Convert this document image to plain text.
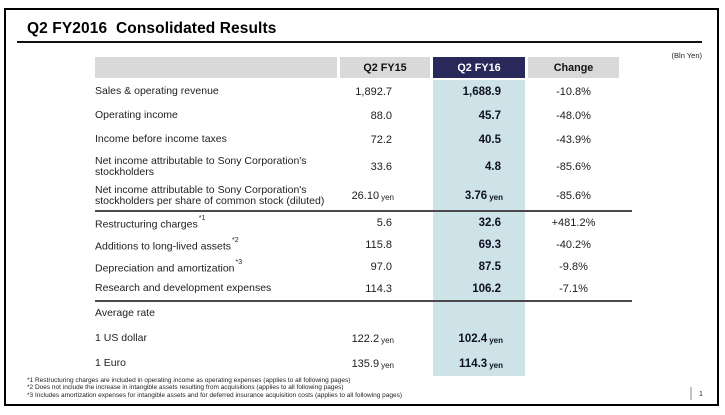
Q2 FY2016  Consolidated Results
(Bln Yen)
Q2 FY15	Q2 FY16	Change
Sales & operating revenue	1,892.7	1,688.9	-10.8%
Operating income	88.0	45.7	-48.0%
Income before income taxes	72.2	40.5	-43.9%
Net income attributable to Sony Corporation's stockholders	33.6	4.8	-85.6%
Net income attributable to Sony Corporation's stockholders per share of common stock (diluted)	26.10 yen	3.76 yen	-85.6%
Restructuring charges$^{*1}$	5.6	32.6	+481.2%
Additions to long-lived assets$^{*2}$	115.8	69.3	-40.2%
Depreciation and amortization$^{*3}$	97.0	87.5	-9.8%
Research and development expenses	114.3	106.2	-7.1%
Average rate
1 US dollar	122.2 yen	102.4 yen
1 Euro	135.9 yen	114.3 yen
*1 Restructuring charges are included in operating income as operating expenses (applies to all following pages)
*2 Does not include the increase in intangible assets resulting from acquisitions (applies to all following pages)
*3 Includes amortization expenses for intangible assets and for deferred insurance acquisition costs (applies to all following pages)	1
